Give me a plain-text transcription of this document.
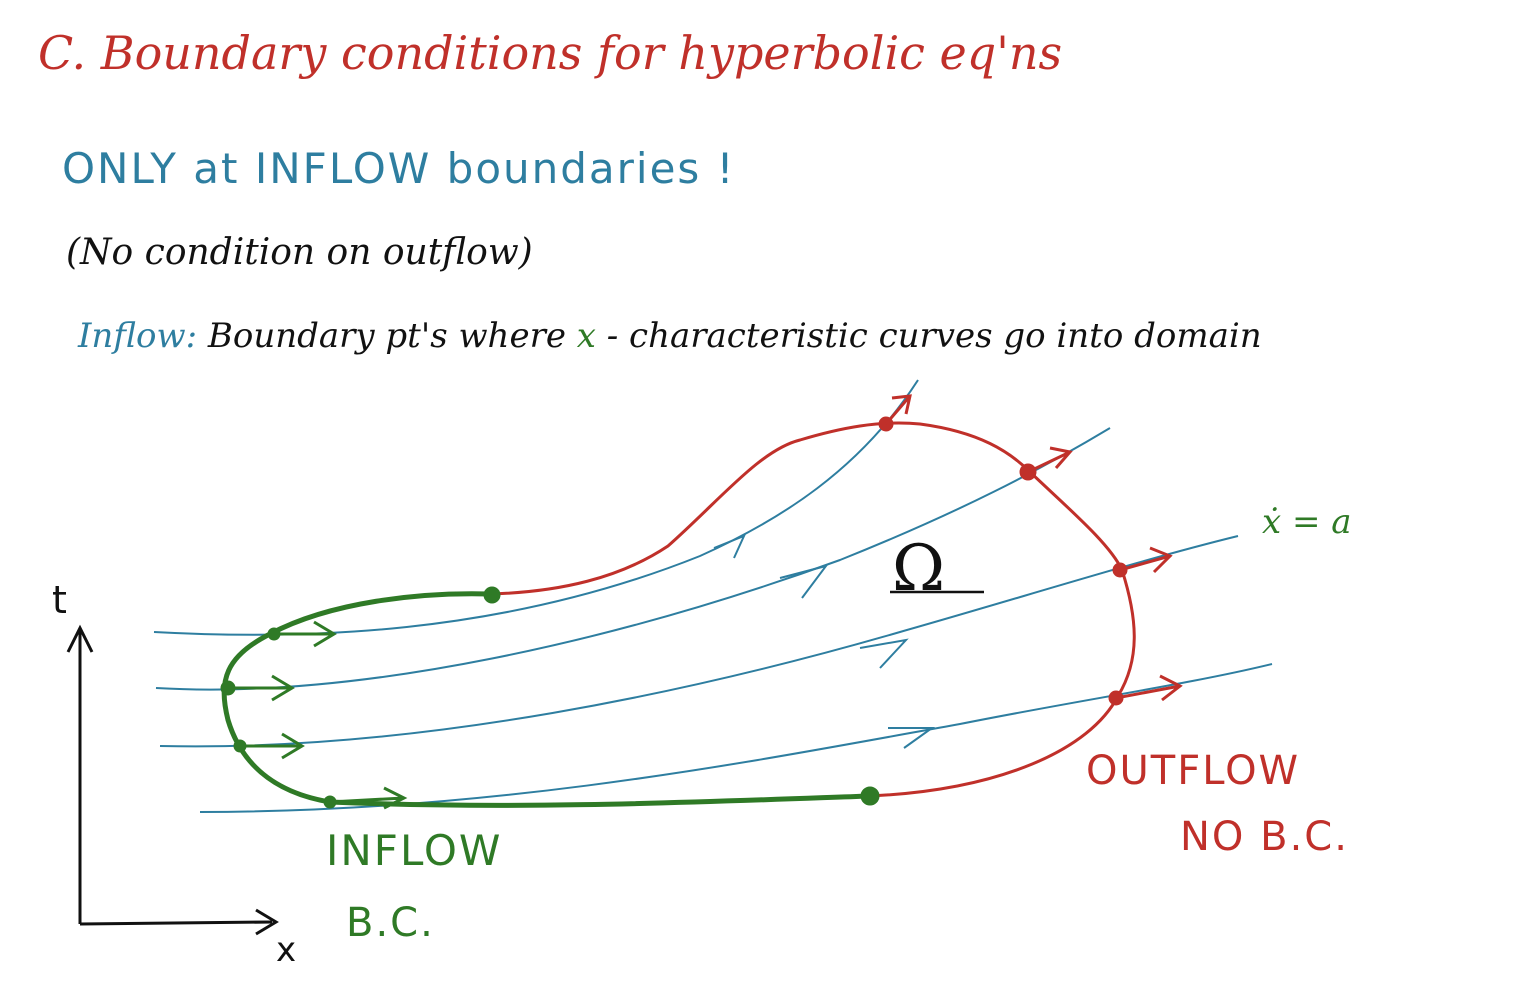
C. Boundary conditions for hyperbolic eq'ns
ONLY at INFLOW boundaries !
(No condition on outflow)
Inflow: Boundary pt's where x - characteristic curves go into domain
ẋ = a
Ω
t
x
INFLOW
B.C.
OUTFLOW
NO B.C.
